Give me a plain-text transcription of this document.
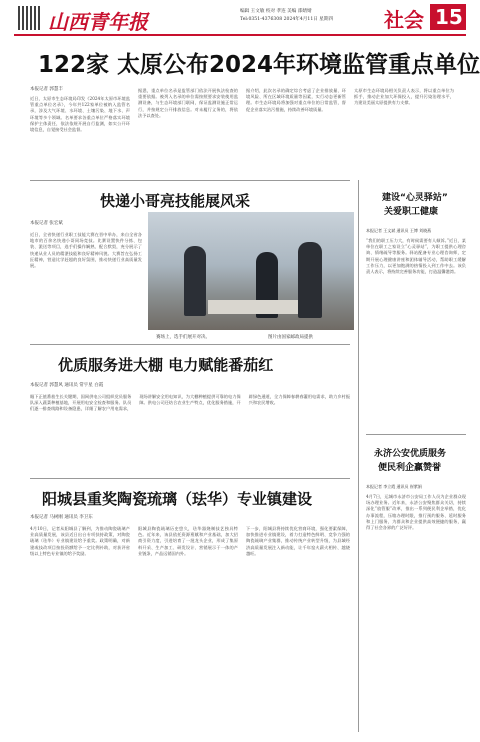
山西青年报	编辑 王文敏 校对 孝连 美编 邵婧婧
Tel:0351-4376308 2024年4月11日 星期四	社会 15
122家 太原公布2024年环境监管重点单位
本报记者 郭慧丰
近日，太原市生态环境局印发《2024年太原市环境监管重点单位名录》，今年共122家单位被纳入监管名录，涉及大气环境、水环境、土壤污染、地下水、声环境等多个领域。名单要求各重点单位严格落实环境保护主体责任，依法依规开展自行监测，如实公开环境信息，自觉接受社会监督。
据悉，重点单位名录是监管部门依法开展执法检查的重要依据。被列入名录的单位需按照要求安装使用监测设备，与生态环境部门联网，保证监测设施正常运行，并按规定公开排放信息。对未履行义务的，将依法予以查处。
据介绍，此次名录的确定综合考虑了企业排放量、环境风险、所在区域环境质量等因素，实行动态更新管理。市生态环境局将加强对重点单位的日常监管，督促企业落实治污措施，持续改善环境质量。
太原市生态环境局相关负责人表示，将以重点单位为抓手，推动企业加大环保投入，提升污染治理水平，为建设美丽太原提供有力支撑。
快递小哥亮技能展风采
本报记者 张宏斌
近日，全省快递行业职工技能大赛在晋中举办，来自全省各地市的百余名快递小哥同场竞技。比赛设置快件分拣、包装、派送等项目，选手们操作娴熟、配合默契，充分展示了快递从业人员的精湛技能和良好精神风貌。大赛旨在弘扬工匠精神，营造比学赶超的良好氛围，推动快递行业高质量发展。
赛场上，选手们展开对决。	图片由国家邮政局提供
优质服务进大棚 电力赋能番茄红
本报记者 郭慧风 通讯员 常宇星 白霞
眼下正值番茄生长关键期，国网供电公司组织党员服务队深入蔬菜种植基地，开展用电安全检查和服务。队员们逐一排查线路和设备隐患，详细了解农户用电需求，现场讲解安全用电知识，为大棚种植提供可靠的电力保障。供电公司还结合农业生产特点，优化服务措施，开辟绿色通道，全力保障春耕春灌用电需求，助力乡村振兴和农民增收。
阳城县重奖陶瓷琉璃（珐华）专业镇建设
本报记者 马树刚 通讯员 李卫东
4月10日，记者从阳城县了解到，为推动陶瓷琉璃产业高质量发展，该县近日出台专项扶持政策，对陶瓷琉璃（珐华）专业镇建设给予重奖。政策明确，对新建或技改项目按投资额给予一定比例补助，对获评省级以上特色专业镇的给予奖励。
阳城县陶瓷琉璃历史悠久，珐华器烧制技艺独具特色。近年来，该县依托资源禀赋和产业基础，加大招商引资力度，引进培育了一批龙头企业，形成了集原料开采、生产加工、研发设计、营销展示于一体的产业链条，产品远销国内外。
下一步，阳城县将持续优化营商环境，强化要素保障，加快推进专业镇建设，着力打造特色鲜明、竞争力强的陶瓷琉璃产业集群，推动传统产业转型升级，为县域经济高质量发展注入新动能，让千年窑火薪火相传、越烧越旺。
建设“心灵驿站”
关爱职工健康
本报记者 王文斌 通讯员 王博 刘晓燕
“我们的职工压力大，有时候需要有人倾诉。”近日，某单位在职工之家设立“心灵驿站”，为职工提供心理咨询、情绪疏导等服务。驿站配备专业心理咨询师，定期开展心理健康讲座和团体辅导活动，帮助职工缓解工作压力，以更加饱满的热情投入到工作中去。该负责人表示，将持续完善服务功能，打造温馨港湾。
永济公安优质服务
便民利企赢赞誉
本报记者 李立霞 通讯员 崔紫娟
4月7日，运城市永济市公安局工作人员为企业群众现场办理业务。近年来，永济公安聚焦群众关切，持续深化“放管服”改革，推出一系列便民利企举措，优化办事流程，压缩办理时限，推行预约服务、延时服务和上门服务，为群众和企业提供高效便捷的服务，赢得了社会各界的广泛好评。
